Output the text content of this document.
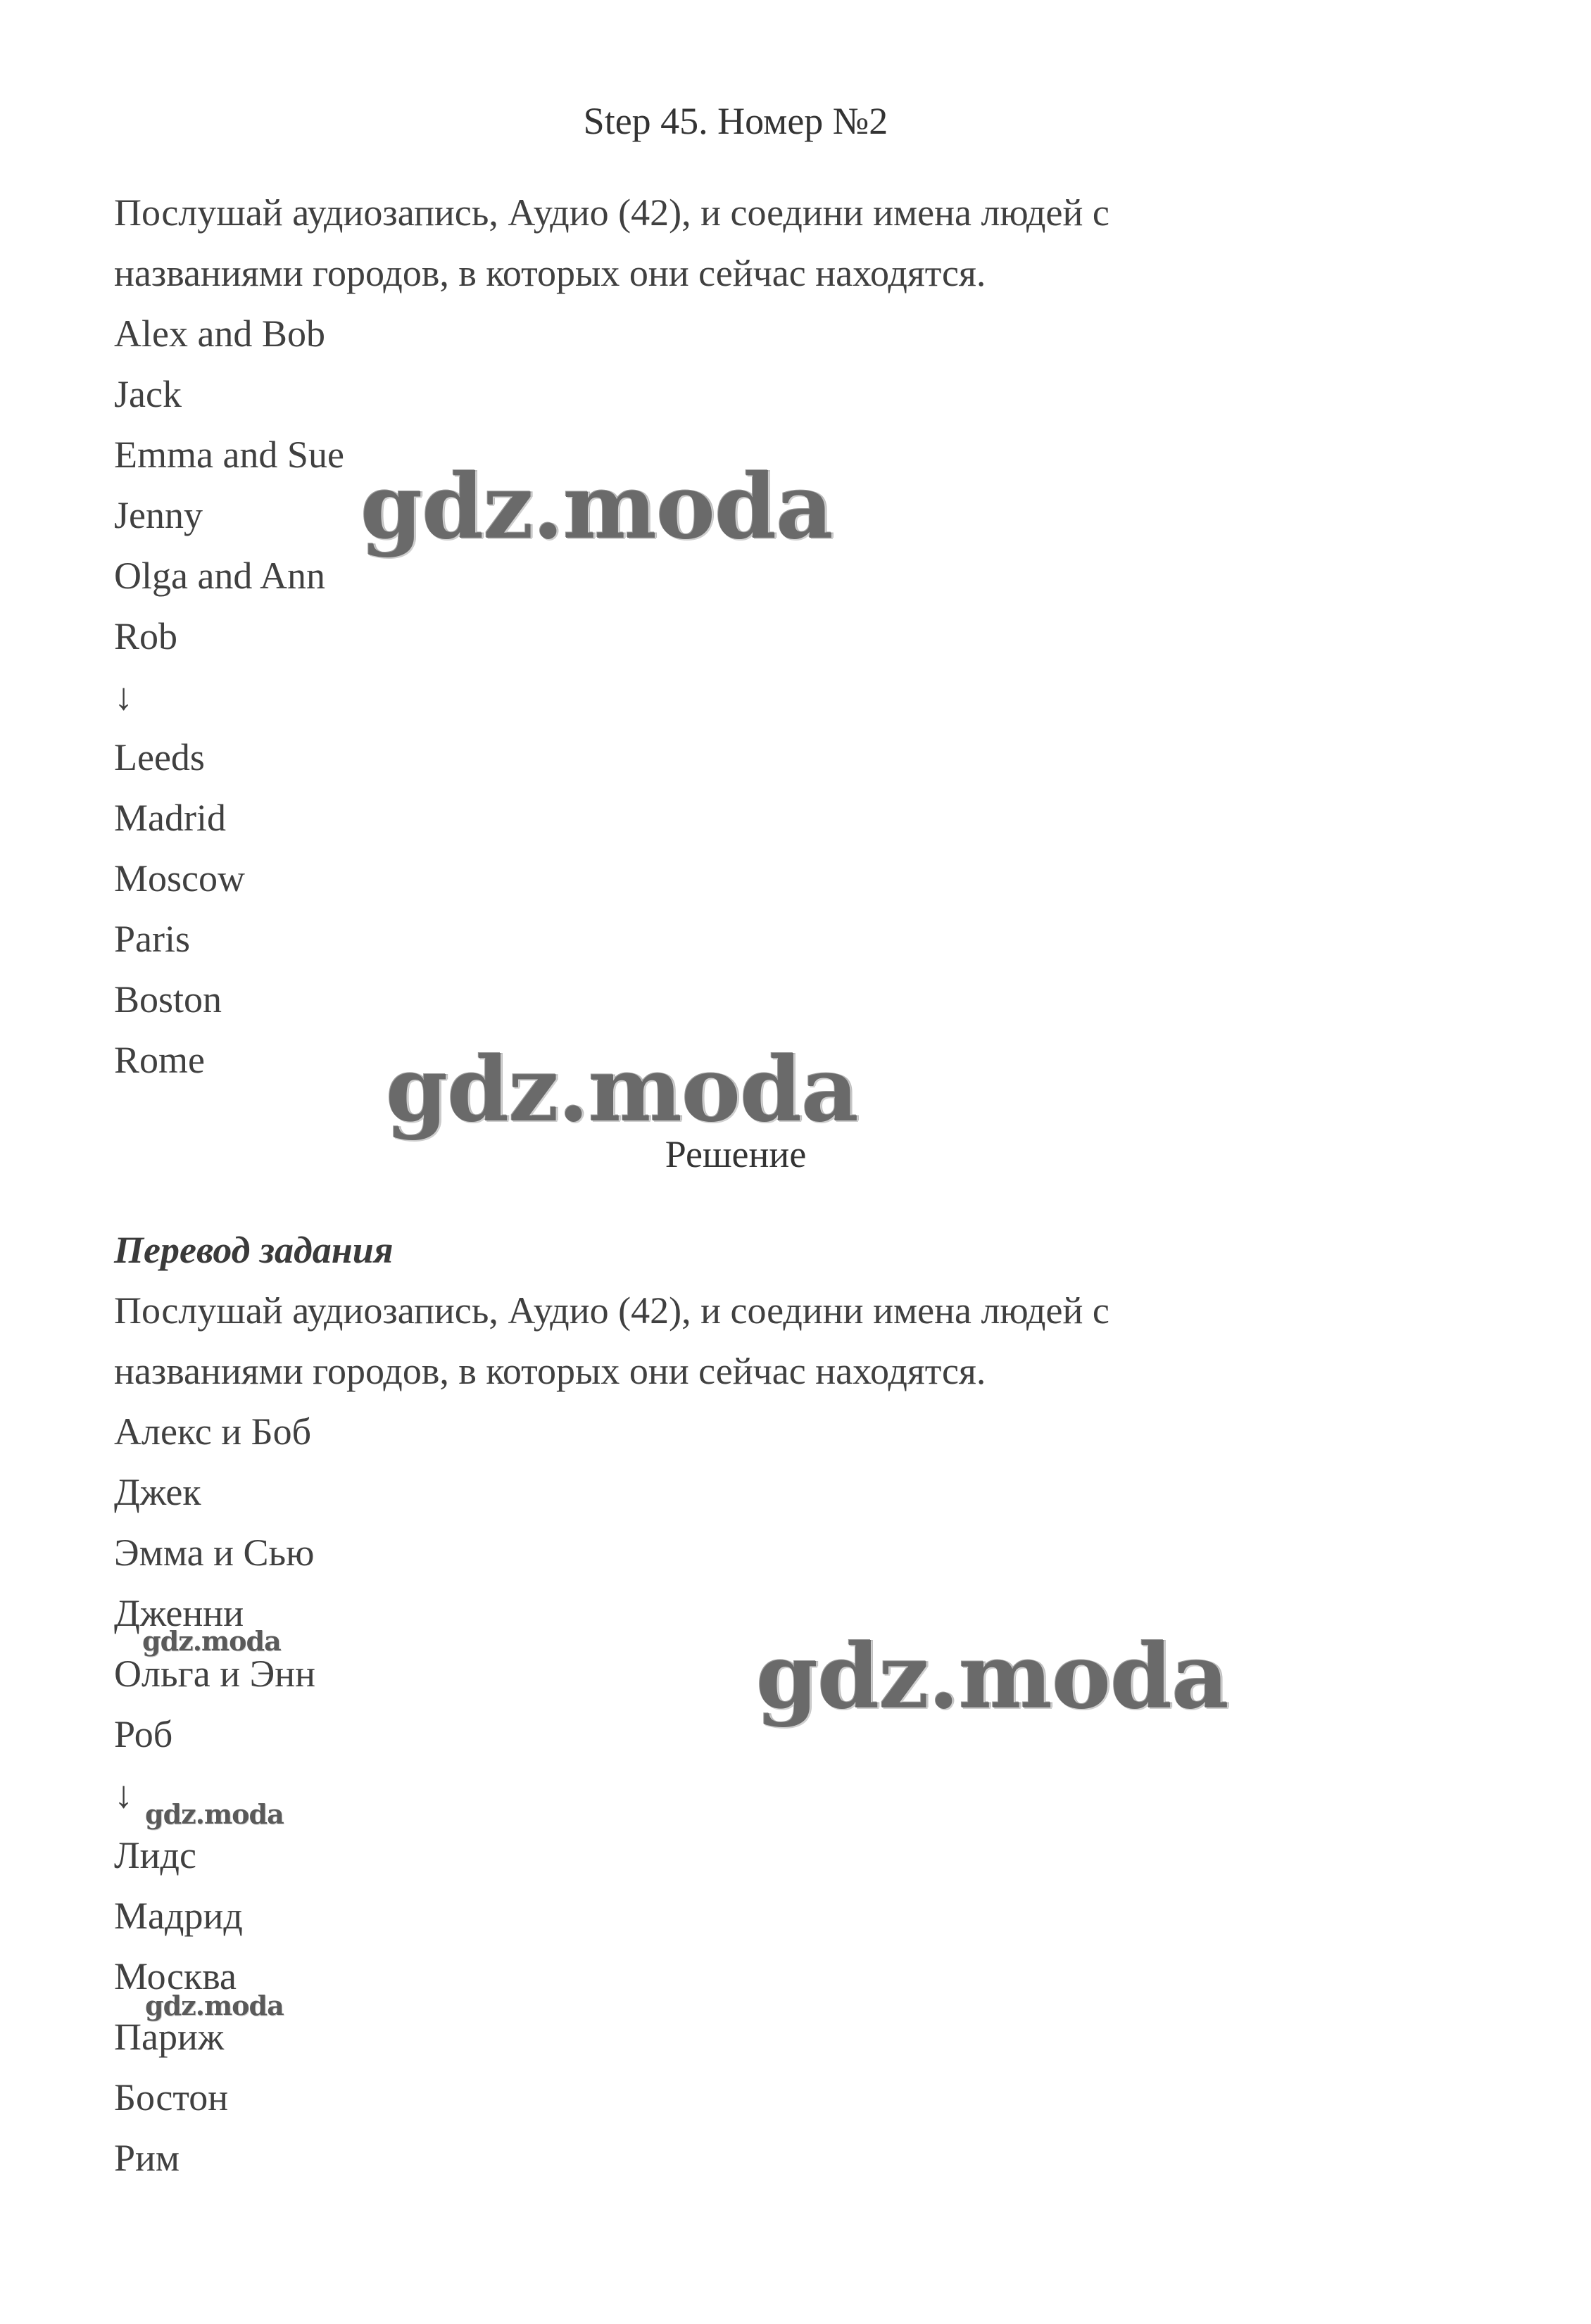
Step 45. Номер №2
Послушай аудиозапись, Аудио (42), и соедини имена людей с
названиями городов, в которых они сейчас находятся.
Alex and Bob
Jack
Emma and Sue
Jenny
Olga and Ann
Rob
↓
Leeds
Madrid
Moscow
Paris
Boston
Rome
Решение
Перевод задания
Послушай аудиозапись, Аудио (42), и соедини имена людей с
названиями городов, в которых они сейчас находятся.
Алекс и Боб
Джек
Эмма и Сью
Дженни
Ольга и Энн
Роб
↓
Лидс
Мадрид
Москва
Париж
Бостон
Рим
gdz.moda
gdz.moda
gdz.moda
gdz.moda
gdz.moda
gdz.moda
